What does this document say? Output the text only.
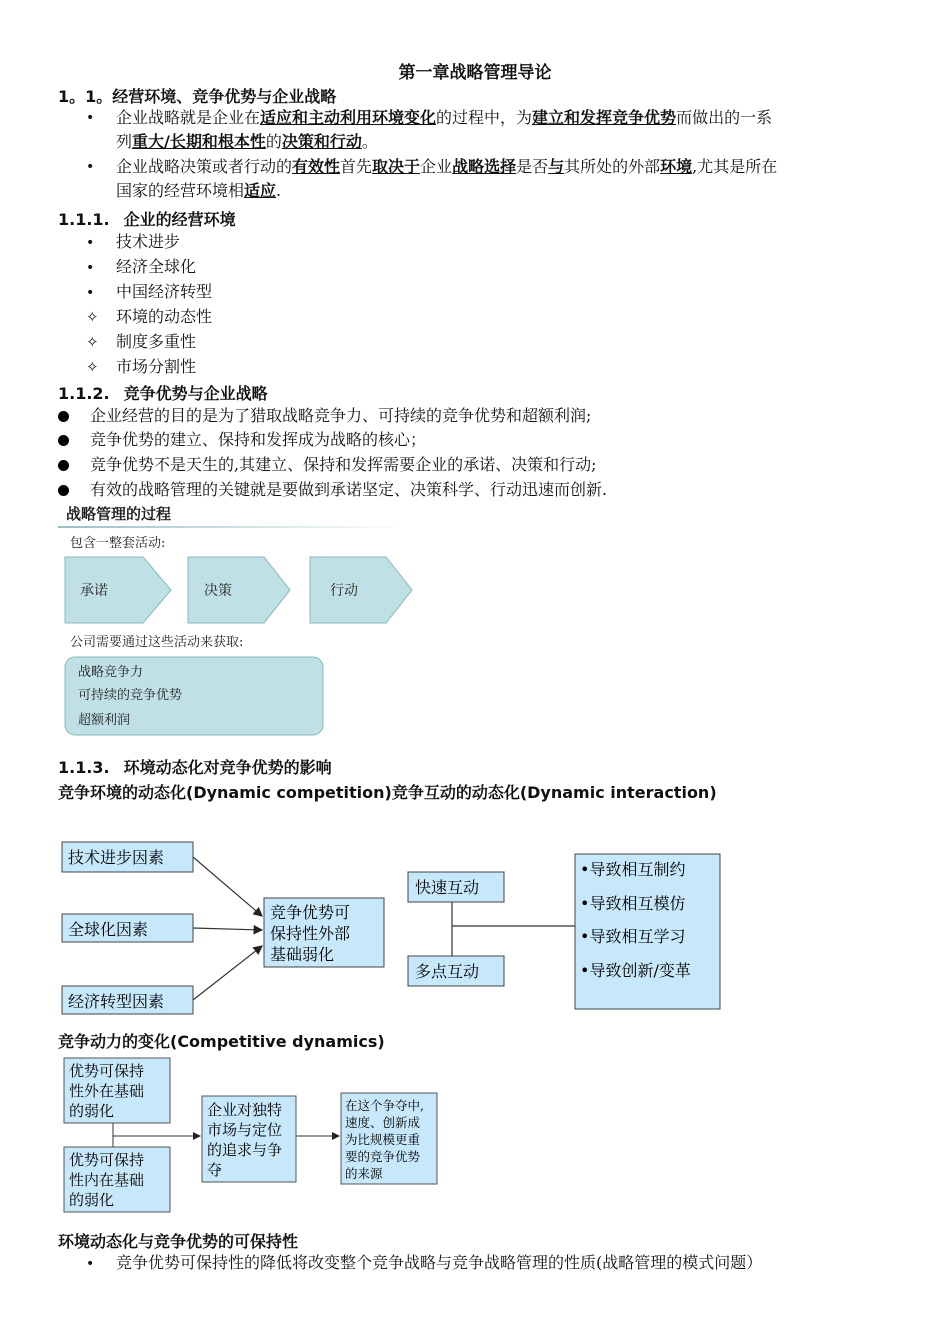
第一章战略管理导论
1。1。经营环境、竞争优势与企业战略
• 企业战略就是企业在适应和主动利用环境变化的过程中，为建立和发挥竞争优势而做出的一系
列重大/长期和根本性的决策和行动。
• 企业战略决策或者行动的有效性首先取决于企业战略选择是否与其所处的外部环境,尤其是所在
国家的经营环境相适应.
1.1.1. 企业的经营环境
• 技术进步
• 经济全球化
• 中国经济转型
✧ 环境的动态性
✧ 制度多重性
✧ 市场分割性
1.1.2. 竞争优势与企业战略
企业经营的目的是为了猎取战略竞争力、可持续的竞争优势和超额利润;
竞争优势的建立、保持和发挥成为战略的核心；
竞争优势不是天生的,其建立、保持和发挥需要企业的承诺、决策和行动;
有效的战略管理的关键就是要做到承诺坚定、决策科学、行动迅速而创新.
战略管理的过程
包含一整套活动:
承诺	决策	行动
公司需要通过这些活动来获取:
战略竞争力
可持续的竞争优势
超额利润
1.1.3. 环境动态化对竞争优势的影响
竞争环境的动态化(Dynamic competition)竞争互动的动态化(Dynamic interaction)
技术进步因素
全球化因素
经济转型因素
竞争优势可
保持性外部
基础弱化
快速互动
多点互动
•导致相互制约
•导致相互模仿
•导致相互学习
•导致创新/变革
竞争动力的变化(Competitive dynamics)
优势可保持
性外在基础
的弱化
优势可保持
性内在基础
的弱化
企业对独特
市场与定位
的追求与争
夺
在这个争夺中,
速度、创新成
为比规模更重
要的竞争优势
的来源
环境动态化与竞争优势的可保持性
• 竞争优势可保持性的降低将改变整个竞争战略与竞争战略管理的性质(战略管理的模式问题）
